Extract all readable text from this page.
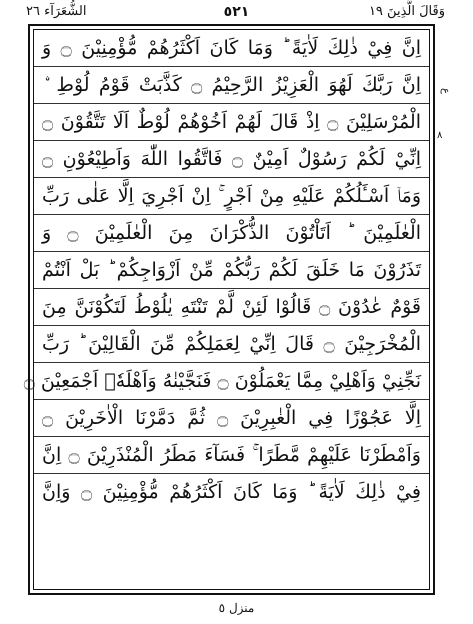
وَقَالَ الَّذِينَ ١٩
٥٢١
الشُّعَرَآء ٢٦
اِنَّ فِيْ ذٰلِكَ لَاٰيَةً ؕ وَمَا كَانَ اَكْثَرُهُمْ مُّؤْمِنِيْنَ ۝ وَ
اِنَّ رَبَّكَ لَهُوَ الْعَزِيْزُ الرَّحِيْمُ ۝ كَذَّبَتْ قَوْمُ لُوْطِ ۨ
الْمُرْسَلِيْنَ ۝ اِذْ قَالَ لَهُمْ اَخُوْهُمْ لُوْطٌ اَلَا تَتَّقُوْنَ ۝
اِنِّيْ لَكُمْ رَسُوْلٌ اَمِيْنٌ ۝ فَاتَّقُوا اللّٰهَ وَاَطِيْعُوْنِ ۝
وَمَاۤ اَسْـَٔلُكُمْ عَلَيْهِ مِنْ اَجْرٍ ۚ اِنْ اَجْرِيَ اِلَّا عَلٰى رَبِّ
الْعٰلَمِيْنَ ؕ اَتَاْتُوْنَ الذُّكْرَانَ مِنَ الْعٰلَمِيْنَ ۝ وَ
تَذَرُوْنَ مَا خَلَقَ لَكُمْ رَبُّكُمْ مِّنْ اَزْوَاجِكُمْ ؕ بَلْ اَنْتُمْ
قَوْمٌ عٰدُوْنَ ۝ قَالُوْا لَئِنْ لَّمْ تَنْتَهِ يٰلُوْطُ لَتَكُوْنَنَّ مِنَ
الْمُخْرَجِيْنَ ۝ قَالَ اِنِّيْ لِعَمَلِكُمْ مِّنَ الْقَالِيْنَ ؕ رَبِّ
نَجِّنِيْ وَاَهْلِيْ مِمَّا يَعْمَلُوْنَ ۝ فَنَجَّيْنٰهُ وَاَهْلَهٗۤ اَجْمَعِيْنَ ۝
اِلَّا عَجُوْزًا فِي الْغٰبِرِيْنَ ۝ ثُمَّ دَمَّرْنَا الْاٰخَرِيْنَ ۝
وَاَمْطَرْنَا عَلَيْهِمْ مَّطَرًا ۚ فَسَآءَ مَطَرُ الْمُنْذَرِيْنَ ۝ اِنَّ
فِيْ ذٰلِكَ لَاٰيَةً ؕ وَمَا كَانَ اَكْثَرُهُمْ مُّؤْمِنِيْنَ ۝ وَاِنَّ
ع
٨
منزل ٥
